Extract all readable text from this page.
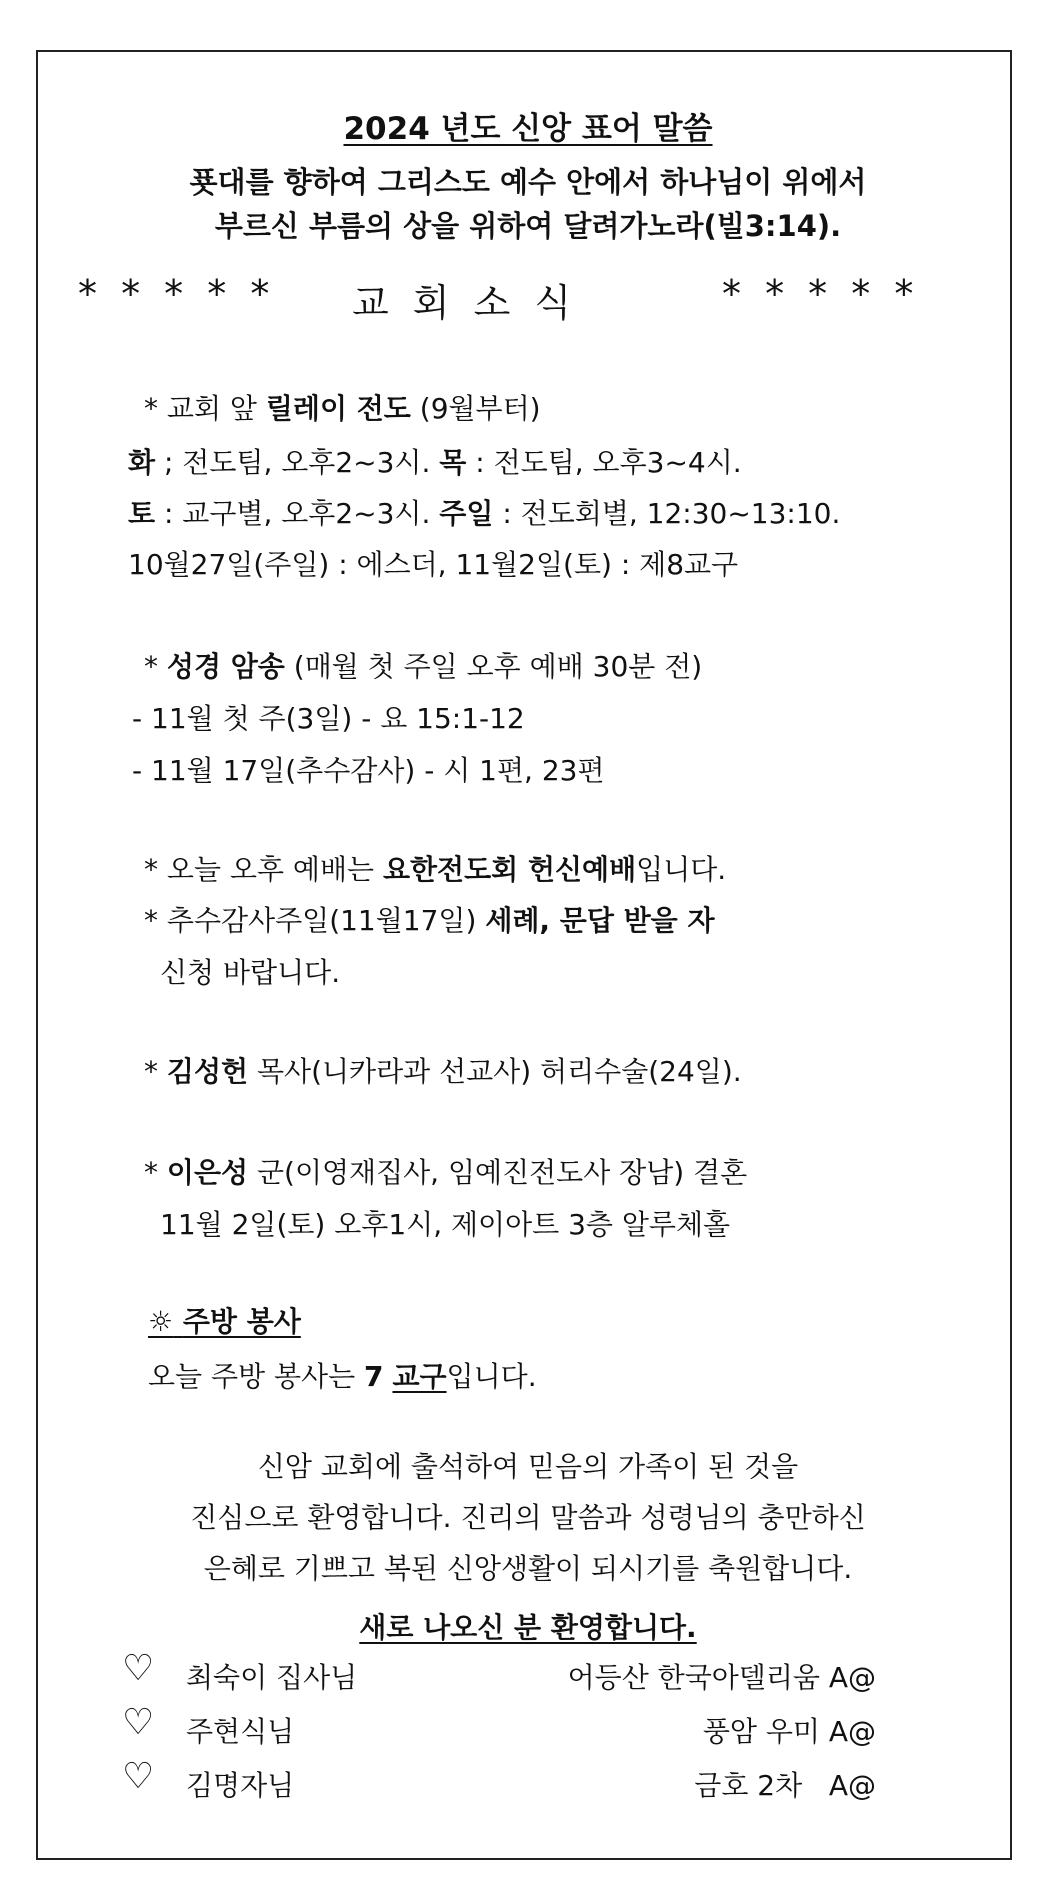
2024 년도 신앙 표어 말씀
푯대를 향하여 그리스도 예수 안에서 하나님이 위에서
부르신 부름의 상을 위하여 달려가노라(빌3:14).
* * * * * 교 회 소 식	* * * * *
* 교회 앞 릴레이 전도 (9월부터)
화 ; 전도팀, 오후2~3시. 목 : 전도팀, 오후3~4시.
토 : 교구별, 오후2~3시. 주일 : 전도회별, 12:30~13:10.
10월27일(주일) : 에스더, 11월2일(토) : 제8교구
* 성경 암송 (매월 첫 주일 오후 예배 30분 전)
- 11월 첫 주(3일) - 요 15:1-12
- 11월 17일(추수감사) - 시 1편, 23편
* 오늘 오후 예배는 요한전도회 헌신예배입니다.
* 추수감사주일(11월17일) 세례, 문답 받을 자
신청 바랍니다.
* 김성헌 목사(니카라과 선교사) 허리수술(24일).
* 이은성 군(이영재집사, 임예진전도사 장남) 결혼
11월 2일(토) 오후1시, 제이아트 3층 알루체홀
☼ 주방 봉사
오늘 주방 봉사는 7 교구입니다.
신암 교회에 출석하여 믿음의 가족이 된 것을
진심으로 환영합니다. 진리의 말씀과 성령님의 충만하신
은혜로 기쁘고 복된 신앙생활이 되시기를 축원합니다.
새로 나오신 분 환영합니다.
♡ 최숙이 집사님	어등산 한국아델리움 A@
♡ 주현식님	풍암 우미 A@
♡ 김명자님	금호 2차   A@
